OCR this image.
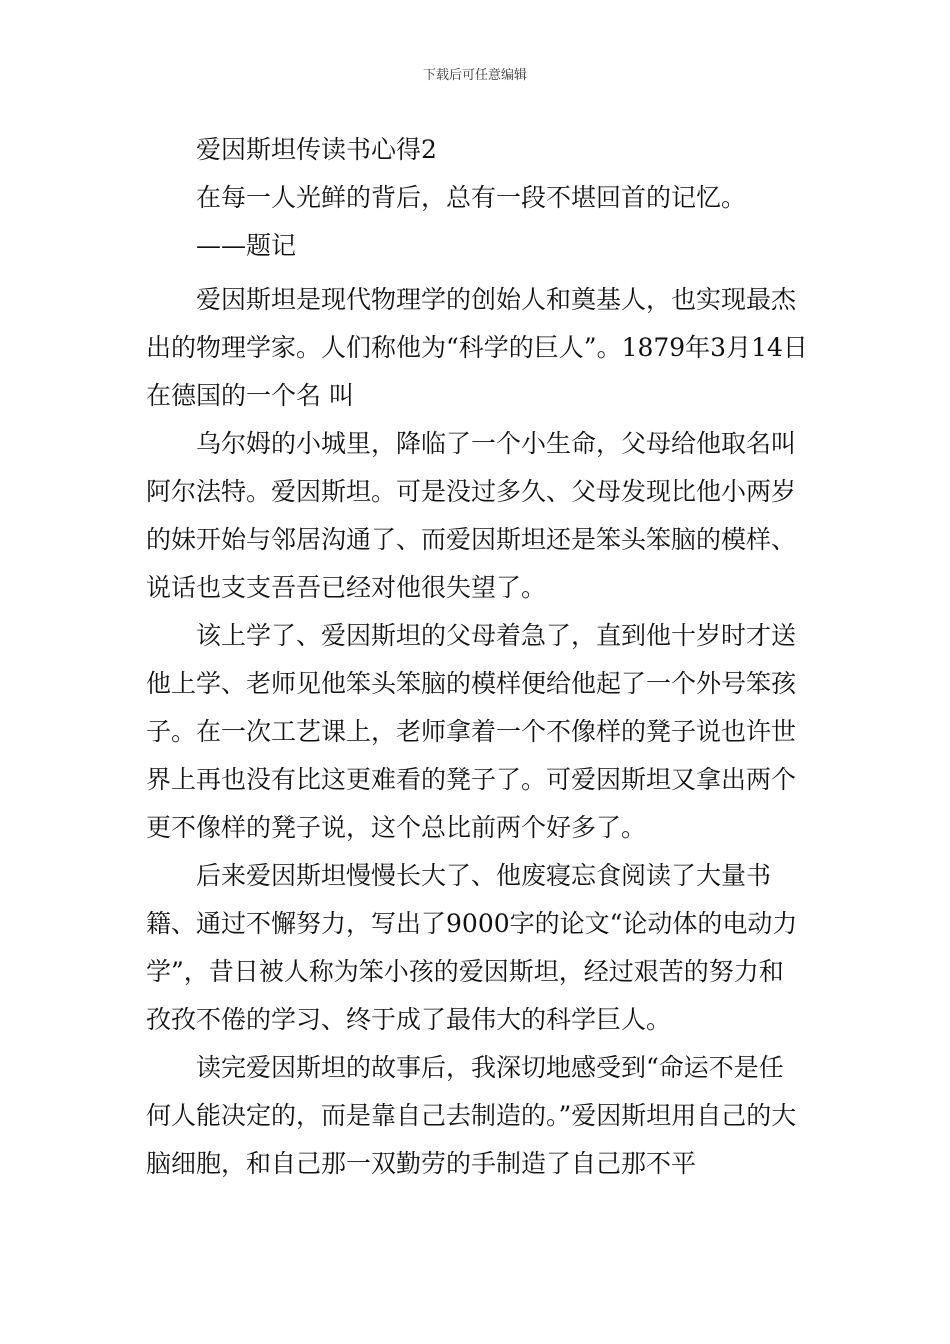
下载后可任意编辑

爱因斯坦传读书心得2

在每一人光鲜的背后，总有一段不堪回首的记忆。

——题记

爱因斯坦是现代物理学的创始人和奠基人，也实现最杰出的物理学家。人们称他为“科学的巨人”。1879年3月14日在德国的一个名 叫

乌尔姆的小城里，降临了一个小生命，父母给他取名叫阿尔法特。爱因斯坦。可是没过多久、父母发现比他小两岁的妹开始与邻居沟通了、而爱因斯坦还是笨头笨脑的模样、说话也支支吾吾已经对他很失望了。

该上学了、爱因斯坦的父母着急了，直到他十岁时才送他上学、老师见他笨头笨脑的模样便给他起了一个外号笨孩子。在一次工艺课上，老师拿着一个不像样的凳子说也许世界上再也没有比这更难看的凳子了。可爱因斯坦又拿出两个更不像样的凳子说，这个总比前两个好多了。

后来爱因斯坦慢慢长大了、他废寝忘食阅读了大量书籍、通过不懈努力，写出了9000字的论文“论动体的电动力学”，昔日被人称为笨小孩的爱因斯坦，经过艰苦的努力和孜孜不倦的学习、终于成了最伟大的科学巨人。

读完爱因斯坦的故事后，我深切地感受到“命运不是任何人能决定的，而是靠自己去制造的。”爱因斯坦用自己的大脑细胞，和自己那一双勤劳的手制造了自己那不平
